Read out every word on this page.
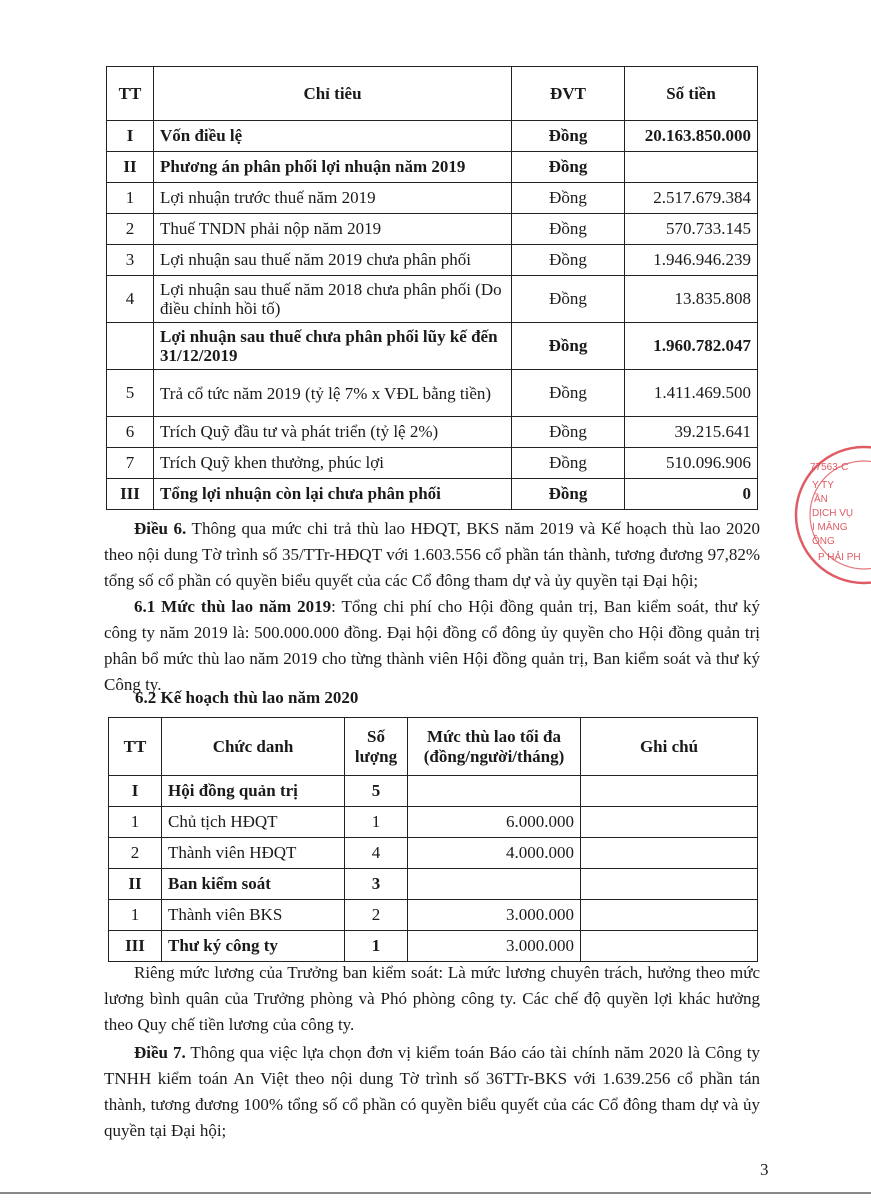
TT	Chỉ tiêu	ĐVT	Số tiền
I	Vốn điều lệ	Đồng	20.163.850.000
II	Phương án phân phối lợi nhuận năm 2019	Đồng	
1	Lợi nhuận trước thuế năm 2019	Đồng	2.517.679.384
2	Thuế TNDN phải nộp năm 2019	Đồng	570.733.145
3	Lợi nhuận sau thuế năm 2019 chưa phân phối	Đồng	1.946.946.239
4	Lợi nhuận sau thuế năm 2018 chưa phân phối (Do điều chỉnh hồi tố)	Đồng	13.835.808
	Lợi nhuận sau thuế chưa phân phối lũy kế đến 31/12/2019	Đồng	1.960.782.047
5	Trả cổ tức năm 2019 (tỷ lệ 7% x VĐL bằng tiền)	Đồng	1.411.469.500
6	Trích Quỹ đầu tư và phát triển (tỷ lệ 2%)	Đồng	39.215.641
7	Trích Quỹ khen thưởng, phúc lợi	Đồng	510.096.906
III	Tổng lợi nhuận còn lại chưa phân phối	Đồng	0

Điều 6. Thông qua mức chi trả thù lao HĐQT, BKS năm 2019 và Kế hoạch thù lao 2020 theo nội dung Tờ trình số 35/TTr-HĐQT với 1.603.556 cổ phần tán thành, tương đương 97,82% tổng số cổ phần có quyền biểu quyết của các Cổ đông tham dự và ủy quyền tại Đại hội;

6.1 Mức thù lao năm 2019: Tổng chi phí cho Hội đồng quản trị, Ban kiểm soát, thư ký công ty năm 2019 là: 500.000.000 đồng. Đại hội đồng cổ đông ủy quyền cho Hội đồng quản trị phân bổ mức thù lao năm 2019 cho từng thành viên Hội đồng quản trị, Ban kiểm soát và thư ký Công ty.

6.2 Kế hoạch thù lao năm 2020
TT	Chức danh	Số lượng	Mức thù lao tối đa (đồng/người/tháng)	Ghi chú
I	Hội đồng quản trị	5		
1	Chủ tịch HĐQT	1	6.000.000	
2	Thành viên HĐQT	4	4.000.000	
II	Ban kiểm soát	3		
1	Thành viên BKS	2	3.000.000	
III	Thư ký công ty	1	3.000.000	

Riêng mức lương của Trưởng ban kiểm soát: Là mức lương chuyên trách, hưởng theo mức lương bình quân của Trưởng phòng và Phó phòng công ty. Các chế độ quyền lợi khác hưởng theo Quy chế tiền lương của công ty.

Điều 7. Thông qua việc lựa chọn đơn vị kiểm toán Báo cáo tài chính năm 2020 là Công ty TNHH kiểm toán An Việt theo nội dung Tờ trình số 36TTr-BKS với 1.639.256 cổ phần tán thành, tương đương 100% tổng số cổ phần có quyền biểu quyết của các Cổ đông tham dự và ủy quyền tại Đại hội;

3
77563-C
Y TY
ẦN
DỊCH VỤ
I MĂNG
ỒNG
P HẢI PH
